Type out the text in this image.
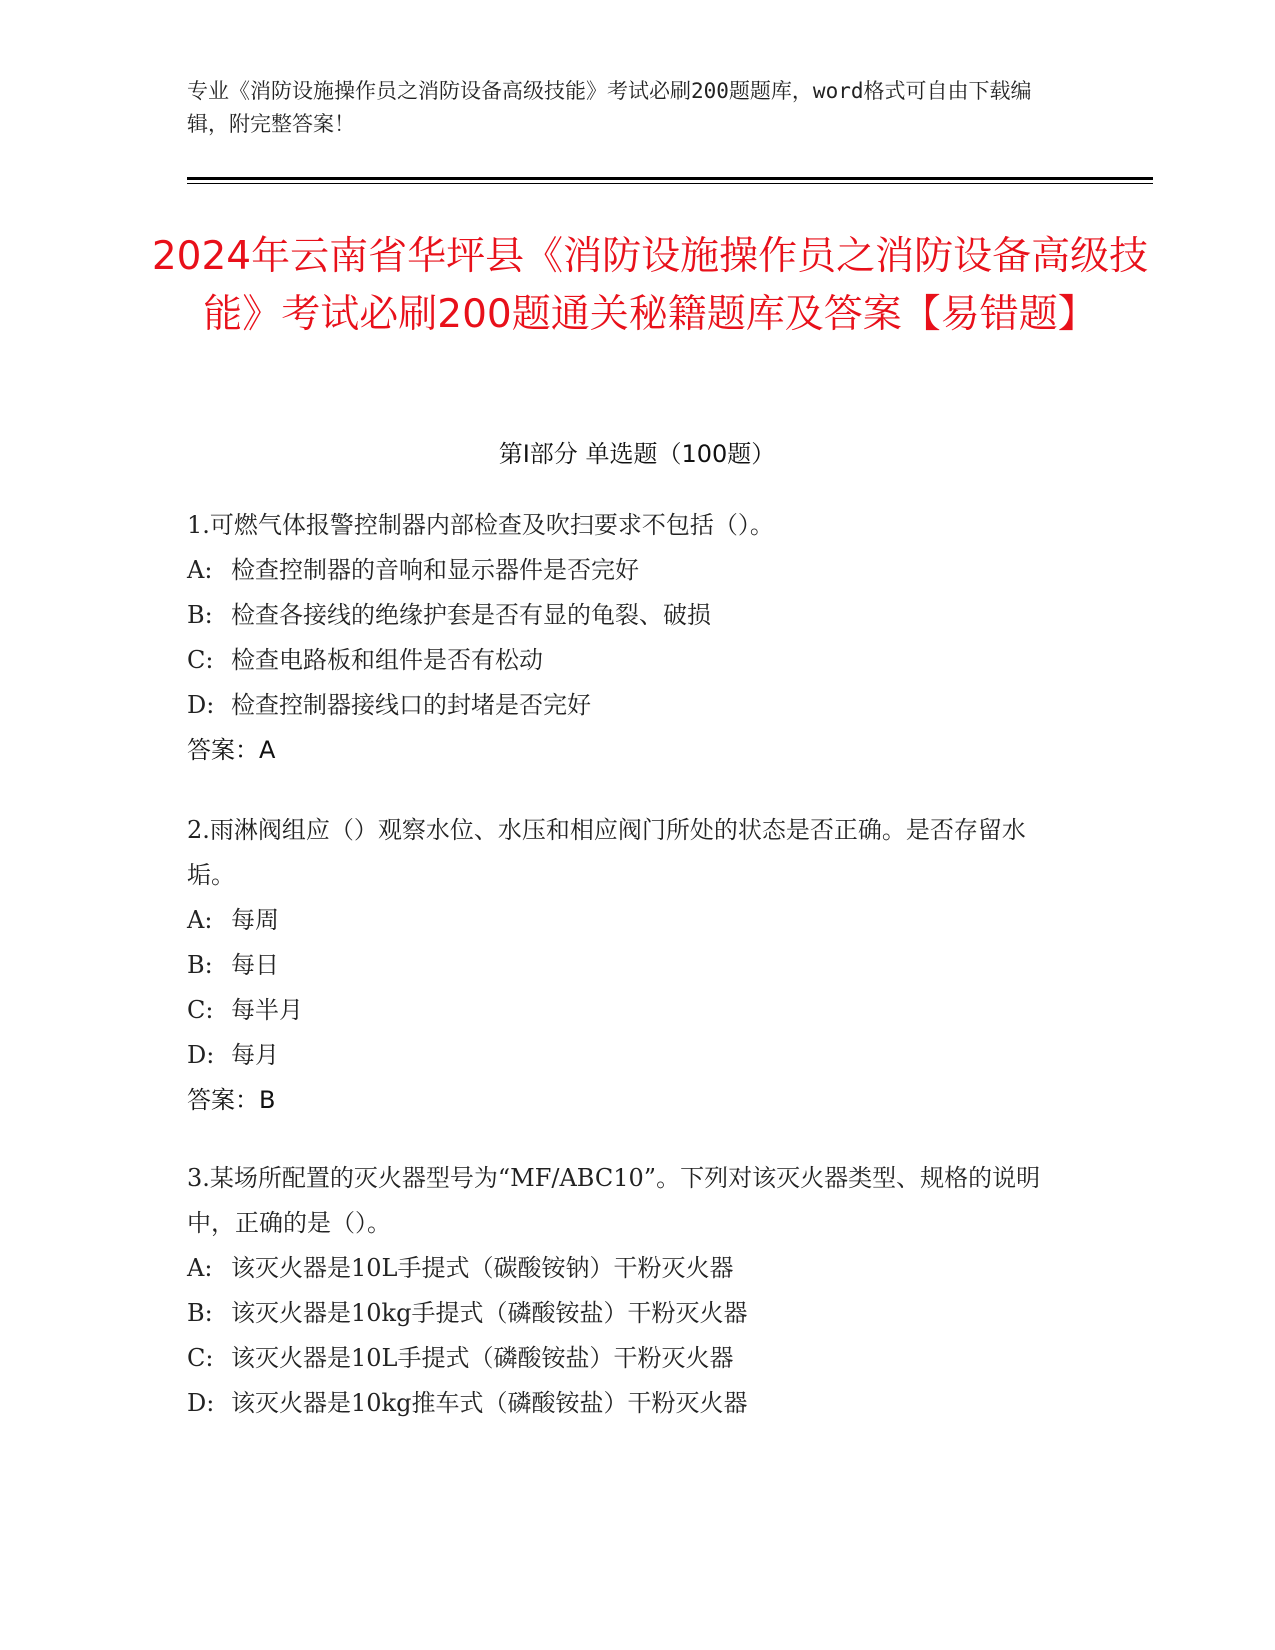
专业《消防设施操作员之消防设备高级技能》考试必刷200题题库，word格式可自由下载编辑，附完整答案！
2024年云南省华坪县《消防设施操作员之消防设备高级技能》考试必刷200题通关秘籍题库及答案【易错题】
第Ⅰ部分 单选题（100题）

1.可燃气体报警控制器内部检查及吹扫要求不包括（）。

A: 检查控制器的音响和显示器件是否完好

B: 检查各接线的绝缘护套是否有显的龟裂、破损

C: 检查电路板和组件是否有松动

D: 检查控制器接线口的封堵是否完好

答案：A

2.雨淋阀组应（）观察水位、水压和相应阀门所处的状态是否正确。是否存留水垢。

A: 每周

B: 每日

C: 每半月

D: 每月

答案：B

3.某场所配置的灭火器型号为“MF/ABC10”。下列对该灭火器类型、规格的说明中，正确的是（）。

A: 该灭火器是10L手提式（碳酸铵钠）干粉灭火器

B: 该灭火器是10kg手提式（磷酸铵盐）干粉灭火器

C: 该灭火器是10L手提式（磷酸铵盐）干粉灭火器

D: 该灭火器是10kg推车式（磷酸铵盐）干粉灭火器
